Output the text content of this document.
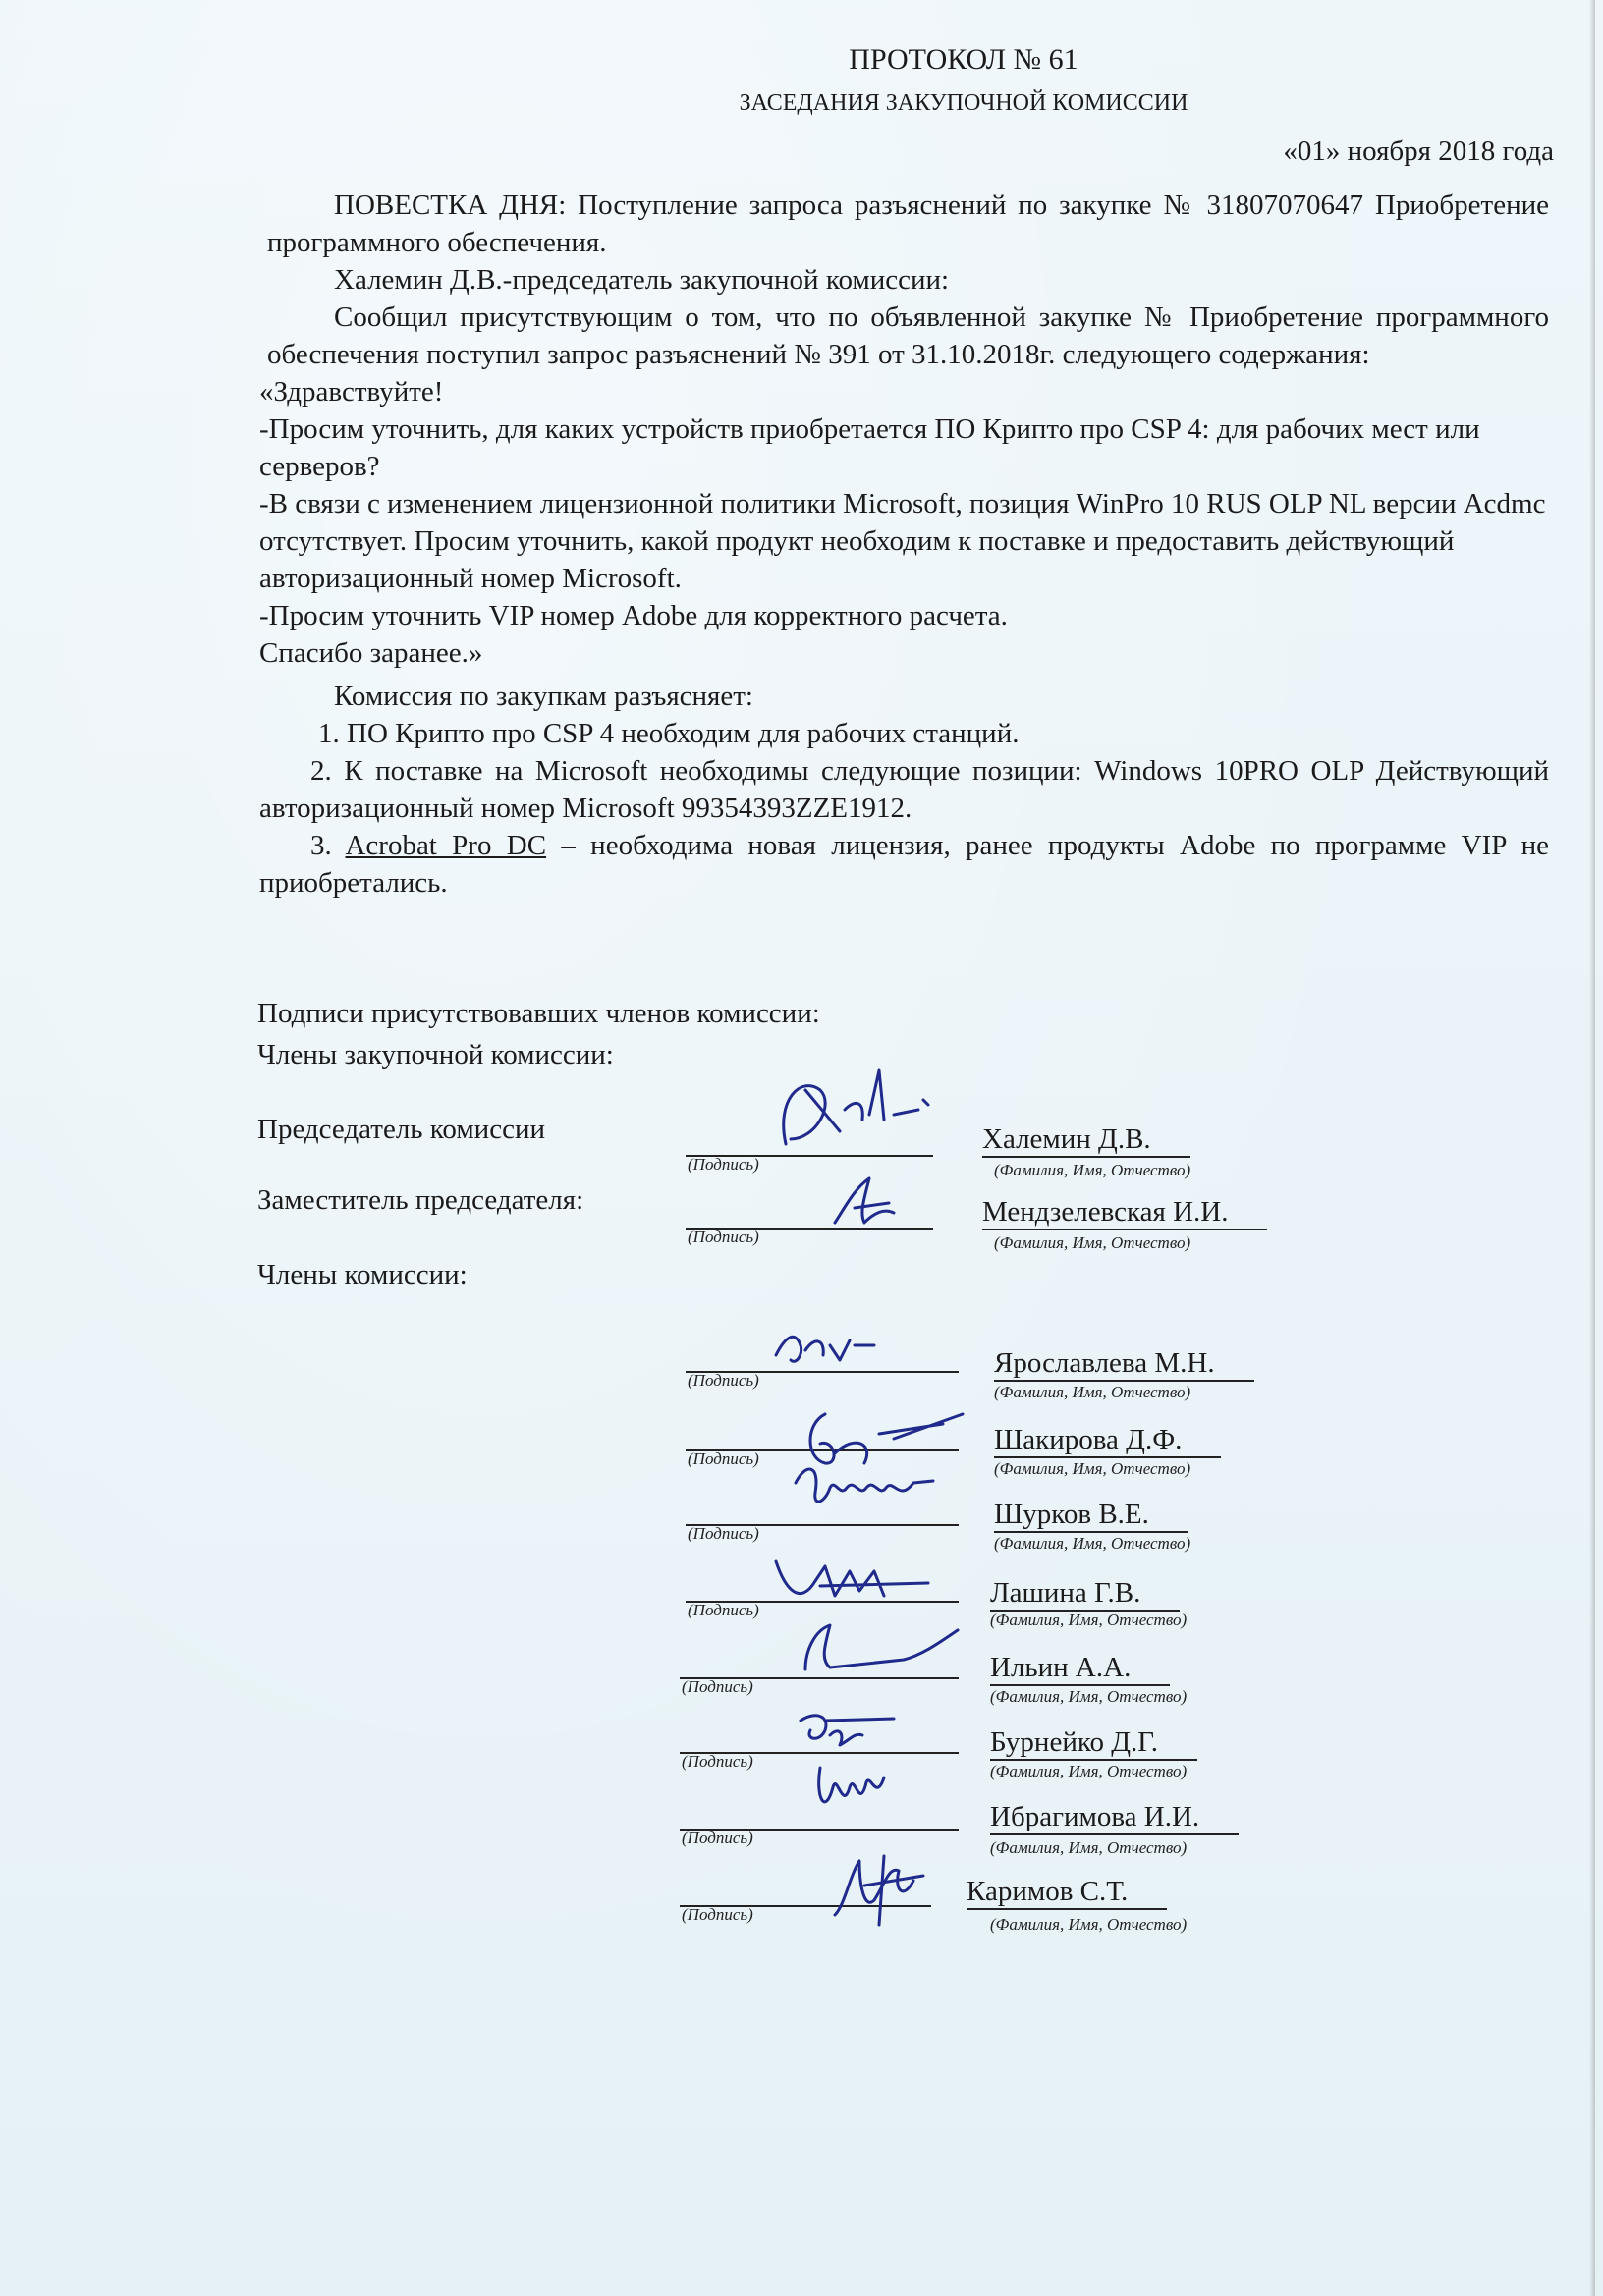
ПРОТОКОЛ № 61
ЗАСЕДАНИЯ ЗАКУПОЧНОЙ КОМИССИИ
«01» ноября 2018 года

ПОВЕСТКА ДНЯ: Поступление запроса разъяснений по закупке № 31807070647 Приобретение программного обеспечения.

Халемин Д.В.-председатель закупочной комиссии:

Сообщил присутствующим о том, что по объявленной закупке № Приобретение программного обеспечения поступил запрос разъяснений № 391 от 31.10.2018г. следующего содержания:

«Здравствуйте!

-Просим уточнить, для каких устройств приобретается ПО Крипто про CSP 4: для рабочих мест или серверов?

-В связи с изменением лицензионной политики Microsoft, позиция WinPro 10 RUS OLP NL версии Acdmc отсутствует. Просим уточнить, какой продукт необходим к поставке и предоставить действующий авторизационный номер Microsoft.

-Просим уточнить VIP номер Adobe для корректного расчета.

Спасибо заранее.»

Комиссия по закупкам разъясняет:

1. ПО Крипто про CSP 4 необходим для рабочих станций.

2. К поставке на Microsoft необходимы следующие позиции: Windows 10PRO OLP Действующий авторизационный номер Microsoft 99354393ZZE1912.

3. Acrobat Pro DC – необходима новая лицензия, ранее продукты Adobe по программе VIP не приобретались.

Подписи присутствовавших членов комиссии:
Члены закупочной комиссии:
Председатель комиссии
(Подпись)
Халемин Д.В.
(Фамилия, Имя, Отчество)
Заместитель председателя:
(Подпись)
Мендзелевская И.И.
(Фамилия, Имя, Отчество)
Члены комиссии:
(Подпись)
Ярославлева М.Н.
(Фамилия, Имя, Отчество)
(Подпись)
Шакирова Д.Ф.
(Фамилия, Имя, Отчество)
(Подпись)
Шурков В.Е.
(Фамилия, Имя, Отчество)
(Подпись)
Лашина Г.В.
(Фамилия, Имя, Отчество)
(Подпись)
Ильин А.А.
(Фамилия, Имя, Отчество)
(Подпись)
Бурнейко Д.Г.
(Фамилия, Имя, Отчество)
(Подпись)
Ибрагимова И.И.
(Фамилия, Имя, Отчество)
(Подпись)
Каримов С.Т.
(Фамилия, Имя, Отчество)
